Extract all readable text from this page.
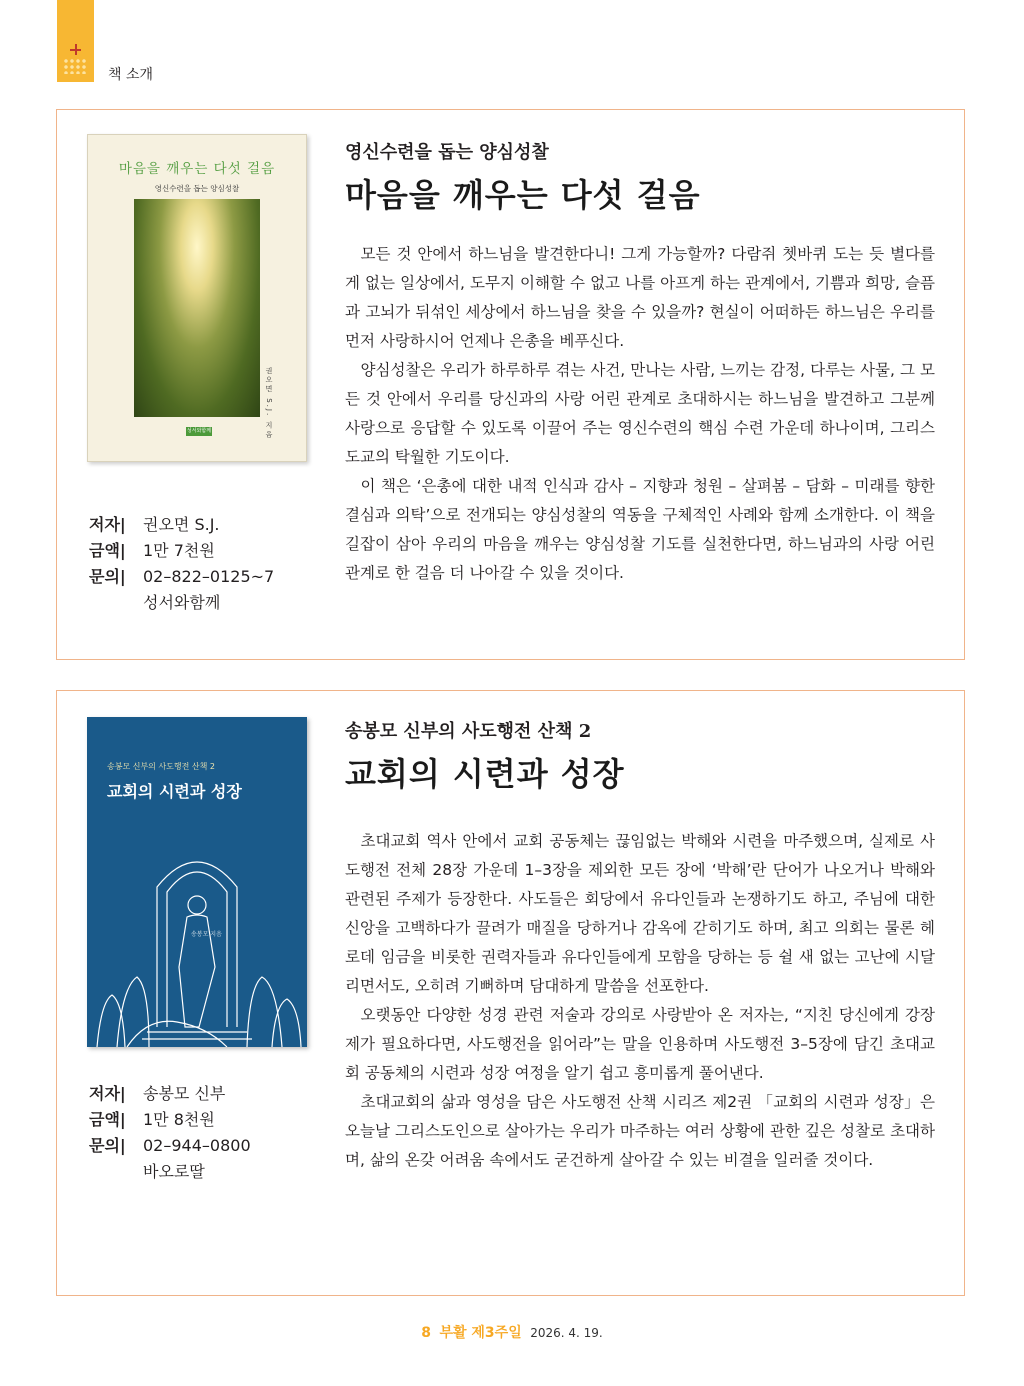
책 소개
마음을 깨우는 다섯 걸음
영신수련을 돕는 양심성찰
권오면 S.J. 지음
성서와함께
영신수련을 돕는 양심성찰
마음을 깨우는 다섯 걸음

모든 것 안에서 하느님을 발견한다니! 그게 가능할까? 다람쥐 쳇바퀴 도는 듯 별다를 게 없는 일상에서, 도무지 이해할 수 없고 나를 아프게 하는 관계에서, 기쁨과 희망, 슬픔과 고뇌가 뒤섞인 세상에서 하느님을 찾을 수 있을까? 현실이 어떠하든 하느님은 우리를 먼저 사랑하시어 언제나 은총을 베푸신다.

양심성찰은 우리가 하루하루 겪는 사건, 만나는 사람, 느끼는 감정, 다루는 사물, 그 모든 것 안에서 우리를 당신과의 사랑 어린 관계로 초대하시는 하느님을 발견하고 그분께 사랑으로 응답할 수 있도록 이끌어 주는 영신수련의 핵심 수련 가운데 하나이며, 그리스도교의 탁월한 기도이다.

이 책은 ‘은총에 대한 내적 인식과 감사 – 지향과 청원 – 살펴봄 – 담화 – 미래를 향한 결심과 의탁’으로 전개되는 양심성찰의 역동을 구체적인 사례와 함께 소개한다. 이 책을 길잡이 삼아 우리의 마음을 깨우는 양심성찰 기도를 실천한다면, 하느님과의 사랑 어린 관계로 한 걸음 더 나아갈 수 있을 것이다.

저자|	권오면 S.J.
금액|	1만 7천원
문의|	02–822–0125~7
성서와함께
송봉모 신부의 사도행전 산책 2
교회의 시련과 성장
송봉모 지음
송봉모 신부의 사도행전 산책 2
교회의 시련과 성장

초대교회 역사 안에서 교회 공동체는 끊임없는 박해와 시련을 마주했으며, 실제로 사도행전 전체 28장 가운데 1–3장을 제외한 모든 장에 ‘박해’란 단어가 나오거나 박해와 관련된 주제가 등장한다. 사도들은 회당에서 유다인들과 논쟁하기도 하고, 주님에 대한 신앙을 고백하다가 끌려가 매질을 당하거나 감옥에 갇히기도 하며, 최고 의회는 물론 헤로데 임금을 비롯한 권력자들과 유다인들에게 모함을 당하는 등 쉴 새 없는 고난에 시달리면서도, 오히려 기뻐하며 담대하게 말씀을 선포한다.

오랫동안 다양한 성경 관련 저술과 강의로 사랑받아 온 저자는, “지친 당신에게 강장제가 필요하다면, 사도행전을 읽어라”는 말을 인용하며 사도행전 3–5장에 담긴 초대교회 공동체의 시련과 성장 여정을 알기 쉽고 흥미롭게 풀어낸다.

초대교회의 삶과 영성을 담은 사도행전 산책 시리즈 제2권 「교회의 시련과 성장」은 오늘날 그리스도인으로 살아가는 우리가 마주하는 여러 상황에 관한 깊은 성찰로 초대하며, 삶의 온갖 어려움 속에서도 굳건하게 살아갈 수 있는 비결을 일러줄 것이다.

저자|	송봉모 신부
금액|	1만 8천원
문의|	02–944–0800
바오로딸
8 부활 제3주일 2026. 4. 19.
